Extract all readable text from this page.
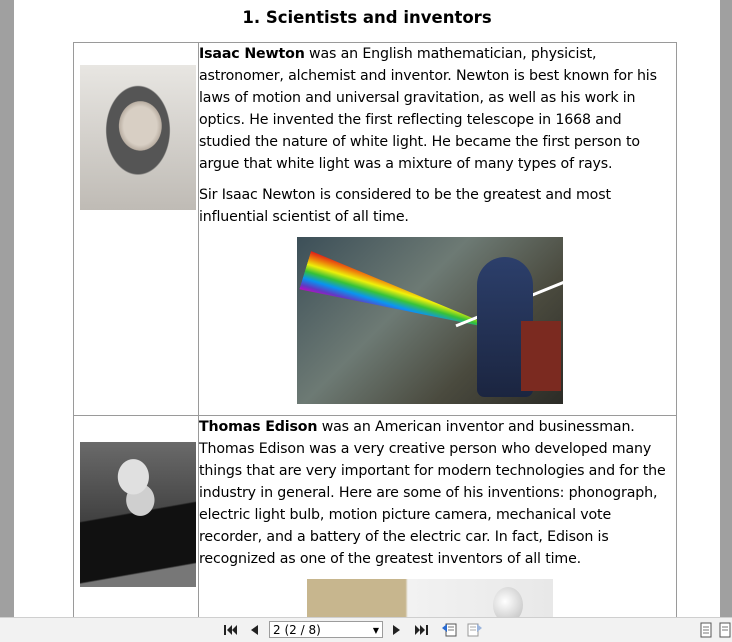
1. Scientists and inventors

	Isaac Newton was an English mathematician, physicist, astronomer, alchemist and inventor. Newton is best known for his laws of motion and universal gravitation, as well as his work in optics. He invented the first reflecting telescope in 1668 and studied the nature of white light. He became the first person to argue that white light was a mixture of many types of rays.

Sir Isaac Newton is considered to be the greatest and most influential scientist of all time.

	Thomas Edison was an American inventor and businessman. Thomas Edison was a very creative person who developed many things that are very important for modern technologies and for the industry in general. Here are some of his inventions: phonograph, electric light bulb, motion picture camera, mechanical vote recorder, and a battery of the electric car. In fact, Edison is recognized as one of the greatest inventors of all time.

2 (2 / 8)	▼
